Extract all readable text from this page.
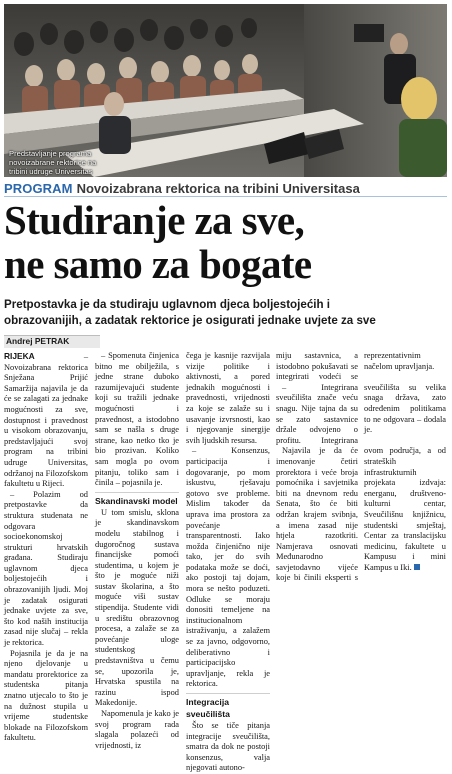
Predstavljanje programa
novoizabrane rektorice na
tribini udruge Universitas
PROGRAM Novoizabrana rektorica na tribini Universitasa
Studiranje za sve,
ne samo za bogate
Pretpostavka je da studiraju uglavnom djeca boljestojećih i
obrazovanijih, a zadatak rektorice je osigurati jednake uvjete za sve
Andrej PETRAK

RIJEKA – Novoizabrana rektorica Snježana Prijić Samaržija najavila je da će se zalagati za jednake mogućnosti za sve, dostupnost i pravednost u visokom obrazovanju, predstavljajući svoj program na tribini udruge Universitas, održanoj na Filozofskom fakultetu u Rijeci.

– Polazim od pretpostavke da struktura studenata ne odgovara socioekonomskoj strukturi hrvatskih građana. Studiraju uglavnom djeca boljestojećih i obrazovanijih ljudi. Moj je zadatak osigurati jednake uvjete za sve, što kod naših institucija zasad nije slučaj – rekla je rektorica.

Pojasnila je da je na njeno djelovanje u mandatu prorektorice za studentska pitanja znatno utjecalo to što je na dužnost stupila u vrijeme studentske blokade na Filozofskom fakultetu.

– Spomenuta činjenica bitno me obilježila, s jedne strane duboko razumijevajući studente koji su tražili jednake mogućnosti i pravednost, a istodobno sam se našla s druge strane, kao netko tko je bio prozivan. Koliko sam mogla po ovom pitanju, toliko sam i činila – pojasnila je.

Skandinavski model

U tom smislu, sklona je skandinavskom modelu stabilnog i dugoročnog sustava financijske pomoći studentima, u kojem je što je moguće niži sustav školarina, a što moguće viši sustav stipendija. Studente vidi u središtu obrazovnog procesa, a zalaže se za povećanje uloge studentskog predstavništva u čemu se, upozorila je, Hrvatska spustila na razinu ispod Makedonije.

Napomenula je kako je svoj program rada slagala polazeći od vrijednosti, iz

čega je kasnije razvijala vizije politike i aktivnosti, a pored jednakih mogućnosti i pravednosti, vrijednosti za koje se zalaže su i usavanje izvrsnosti, kao i njegovanje sinergije svih ljudskih resursa.

– Konsenzus, participacija i dogovaranje, po mom iskustvu, rješavaju gotovo sve probleme. Mislim također da uprava ima prostora za povećanje transparentnosti. Iako možda činjenično nije tako, jer do svih podataka može se doći, ako postoji taj dojam, mora se nešto poduzeti. Odluke se moraju donositi temeljene na institucionalnom istraživanju, a zalažem se za javno, odgovorno, deliberativno i participacijsko upravljanje, rekla je rektorica.

Integracija sveučilišta

Što se tiče pitanja integracije sveučilišta, smatra da dok ne postoji konsenzus, valja njegovati autono-

miju sastavnica, a istodobno pokušavati se integrirati vodeći se reprezentativnim načelom upravljanja.

– Integrirana sveučilišta znače veću snagu. Nije tajna da su se zato sastavnice držale odvojeno o profitu. Integrirana sveučilišta su velika snaga država, zato određenim politikama to ne odgovara – dodala je.

Najavila je da će imenovanje četiri prorektora i veće broja pomoćnika i savjetnika biti na dnevnom redu Senata, što će biti održan krajem svibnja, a imena zasad nije htjela razotkriti. Namjerava osnovati Međunarodno savjetodavno vijeće koje bi činili eksperti s ovom područja, a od strateških infrastrukturnih projekata izdvaja: energanu, društveno-kulturni centar, Sveučilišnu knjižnicu, studentski smještaj, Centar za translacijsku medicinu, fakultete u Kampusu i mini Kampus u Iki.
